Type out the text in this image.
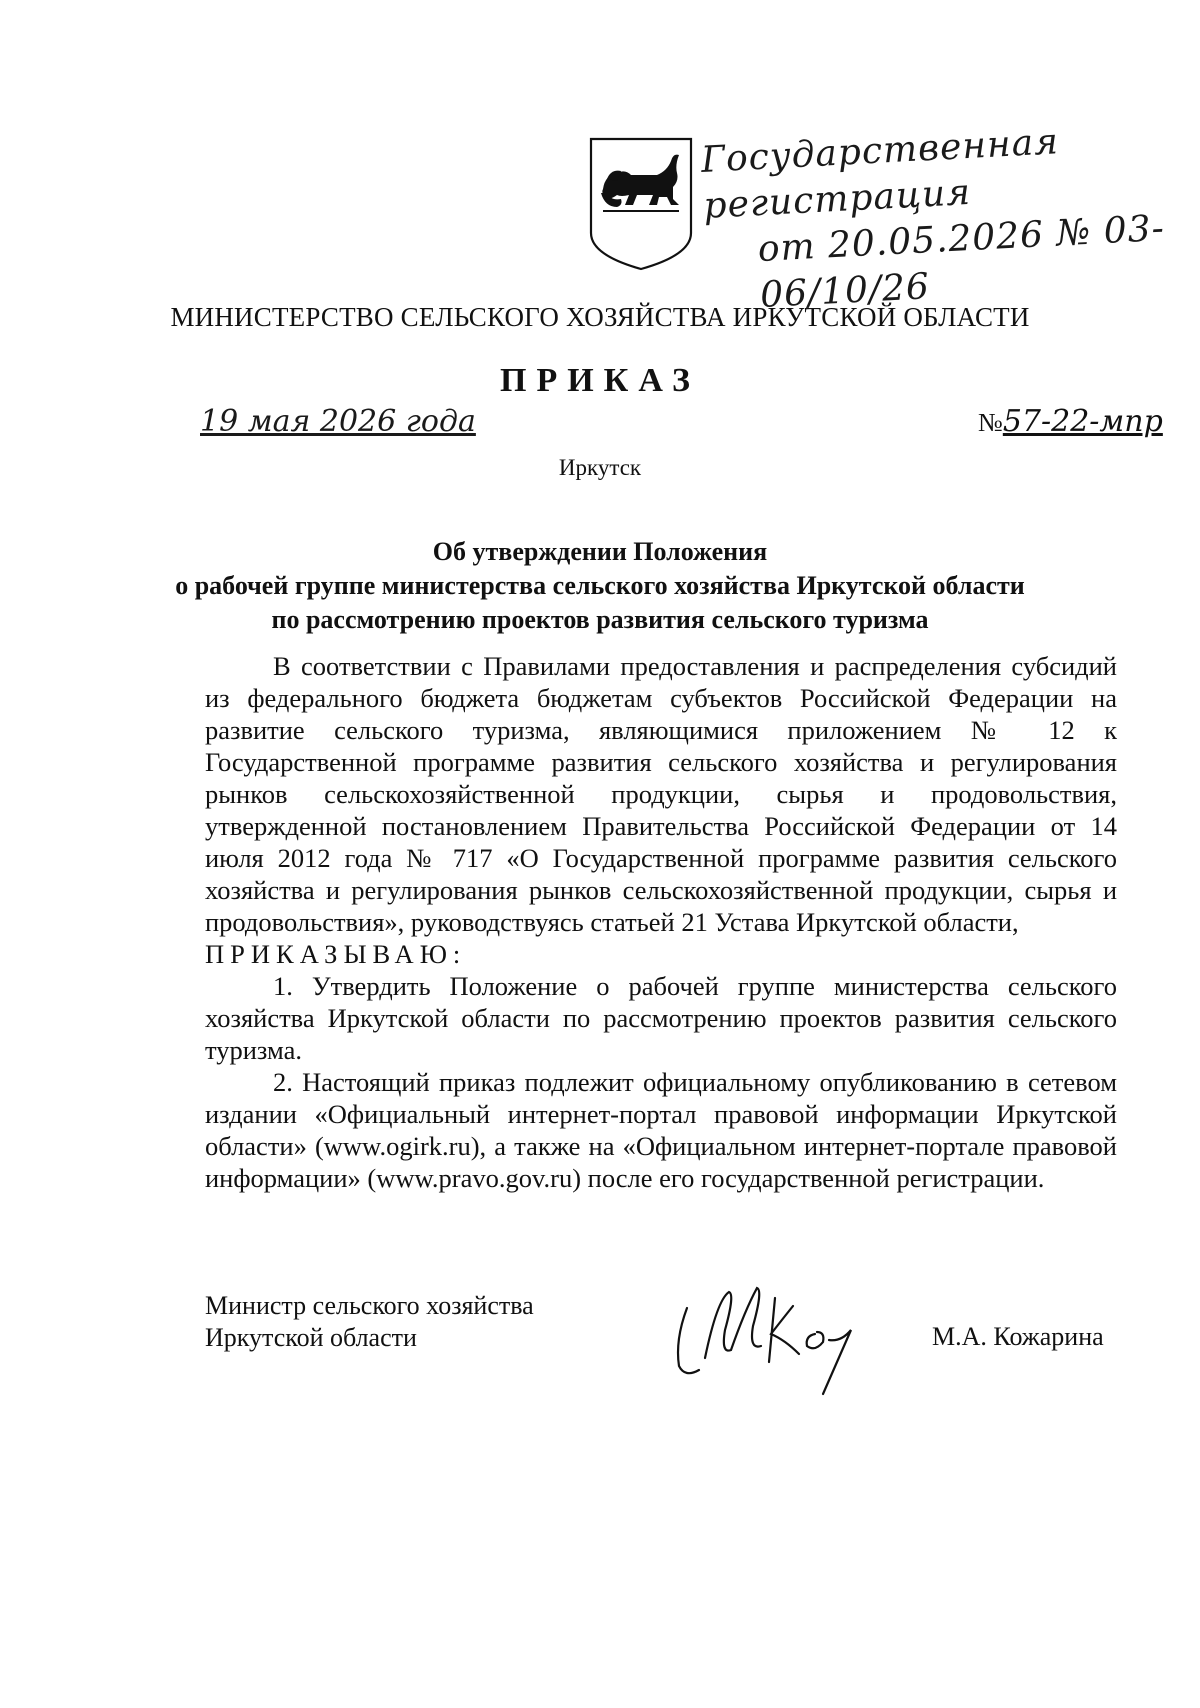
Государственная регистрация
от 20.05.2026 № 03-06/10/26
МИНИСТЕРСТВО СЕЛЬСКОГО ХОЗЯЙСТВА ИРКУТСКОЙ ОБЛАСТИ
ПРИКАЗ
19 мая 2026 года	№57-22-мпр
Иркутск
Об утверждении Положения
о рабочей группе министерства сельского хозяйства Иркутской области
по рассмотрению проектов развития сельского туризма

В соответствии с Правилами предоставления и распределения субсидий из федерального бюджета бюджетам субъектов Российской Федерации на развитие сельского туризма, являющимися приложением № 12 к Государственной программе развития сельского хозяйства и регулирования рынков сельскохозяйственной продукции, сырья и продовольствия, утвержденной постановлением Правительства Российской Федерации от 14 июля 2012 года № 717 «О Государственной программе развития сельского хозяйства и регулирования рынков сельскохозяйственной продукции, сырья и продовольствия», руководствуясь статьей 21 Устава Иркутской области,

ПРИКАЗЫВАЮ:

1. Утвердить Положение о рабочей группе министерства сельского хозяйства Иркутской области по рассмотрению проектов развития сельского туризма.

2. Настоящий приказ подлежит официальному опубликованию в сетевом издании «Официальный интернет-портал правовой информации Иркутской области» (www.ogirk.ru), а также на «Официальном интернет-портале правовой информации» (www.pravo.gov.ru) после его государственной регистрации.

Министр сельского хозяйства
Иркутской области	М.А. Кожарина
